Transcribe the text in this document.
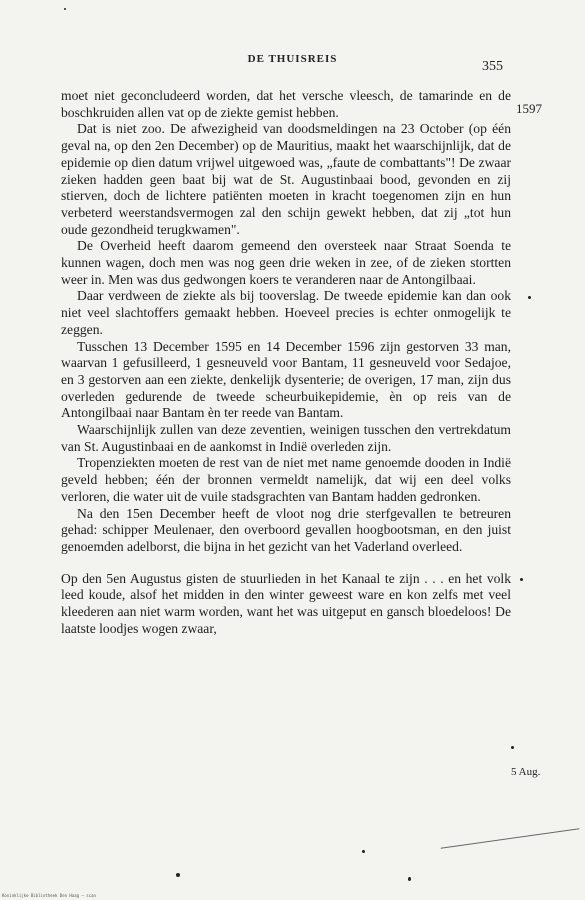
DE THUISREIS	355
1597
5 Aug.

moet niet geconcludeerd worden, dat het versche vleesch, de tamarinde en de boschkruiden allen vat op de ziekte gemist hebben.

Dat is niet zoo. De afwezigheid van doodsmeldingen na 23 October (op één geval na, op den 2en December) op de Mauritius, maakt het waarschijnlijk, dat de epidemie op dien datum vrijwel uitgewoed was, „faute de combattants"! De zwaar zieken hadden geen baat bij wat de St. Augustinbaai bood, gevonden en zij stierven, doch de lichtere patiënten moeten in kracht toegenomen zijn en hun verbeterd weerstandsvermogen zal den schijn gewekt hebben, dat zij „tot hun oude gezondheid terugkwamen".

De Overheid heeft daarom gemeend den oversteek naar Straat Soenda te kunnen wagen, doch men was nog geen drie weken in zee, of de zieken stortten weer in. Men was dus gedwongen koers te veranderen naar de Antongilbaai.

Daar verdween de ziekte als bij tooverslag. De tweede epidemie kan dan ook niet veel slachtoffers gemaakt hebben. Hoeveel precies is echter onmogelijk te zeggen.

Tusschen 13 December 1595 en 14 December 1596 zijn gestorven 33 man, waarvan 1 gefusilleerd, 1 gesneuveld voor Bantam, 11 gesneuveld voor Sedajoe, en 3 gestorven aan een ziekte, denkelijk dysenterie; de overigen, 17 man, zijn dus overleden gedurende de tweede scheurbuikepidemie, èn op reis van de Antongilbaai naar Bantam èn ter reede van Bantam.

Waarschijnlijk zullen van deze zeventien, weinigen tusschen den vertrekdatum van St. Augustinbaai en de aankomst in Indië overleden zijn.

Tropenziekten moeten de rest van de niet met name genoemde dooden in Indië geveld hebben; één der bronnen vermeldt namelijk, dat wij een deel volks verloren, die water uit de vuile stadsgrachten van Bantam hadden gedronken.

Na den 15en December heeft de vloot nog drie sterfgevallen te betreuren gehad: schipper Meulenaer, den overboord gevallen hoogbootsman, en den juist genoemden adelborst, die bijna in het gezicht van het Vaderland overleed.

Op den 5en Augustus gisten de stuurlieden in het Kanaal te zijn . . . en het volk leed koude, alsof het midden in den winter geweest ware en kon zelfs met veel kleederen aan niet warm worden, want het was uitgeput en gansch bloedeloos! De laatste loodjes wogen zwaar,

Koninklijke Bibliotheek Den Haag — scan
